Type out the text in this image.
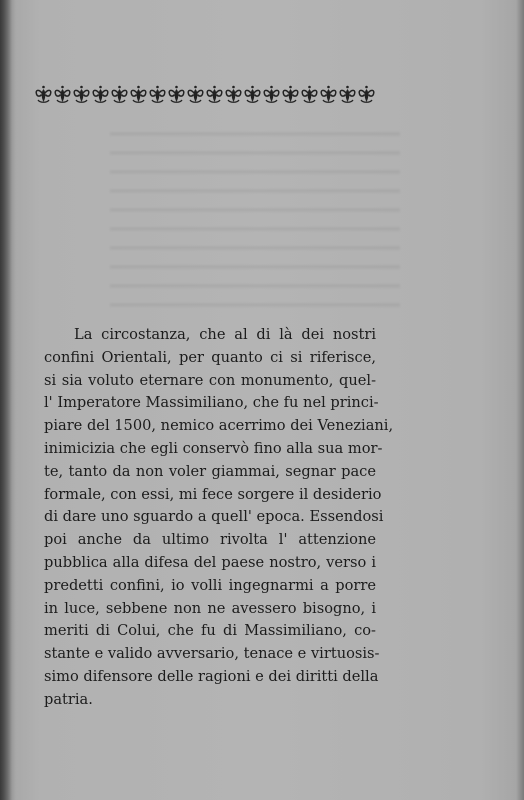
La circostanza, che al di là dei nostri
confini Orientali, per quanto ci si riferisce,
si sia voluto eternare con monumento, quel-
l' Imperatore Massimiliano, che fu nel princi-
piare del 1500, nemico acerrimo dei Veneziani,
inimicizia che egli conservò fino alla sua mor-
te, tanto da non voler giammai, segnar pace
formale, con essi, mi fece sorgere il desiderio
di dare uno sguardo a quell' epoca. Essendosi
poi anche da ultimo rivolta l' attenzione
pubblica alla difesa del paese nostro, verso i
predetti confini, io volli ingegnarmi a porre
in luce, sebbene non ne avessero bisogno, i
meriti di Colui, che fu di Massimiliano, co-
stante e valido avversario, tenace e virtuosis-
simo difensore delle ragioni e dei diritti della
patria.
